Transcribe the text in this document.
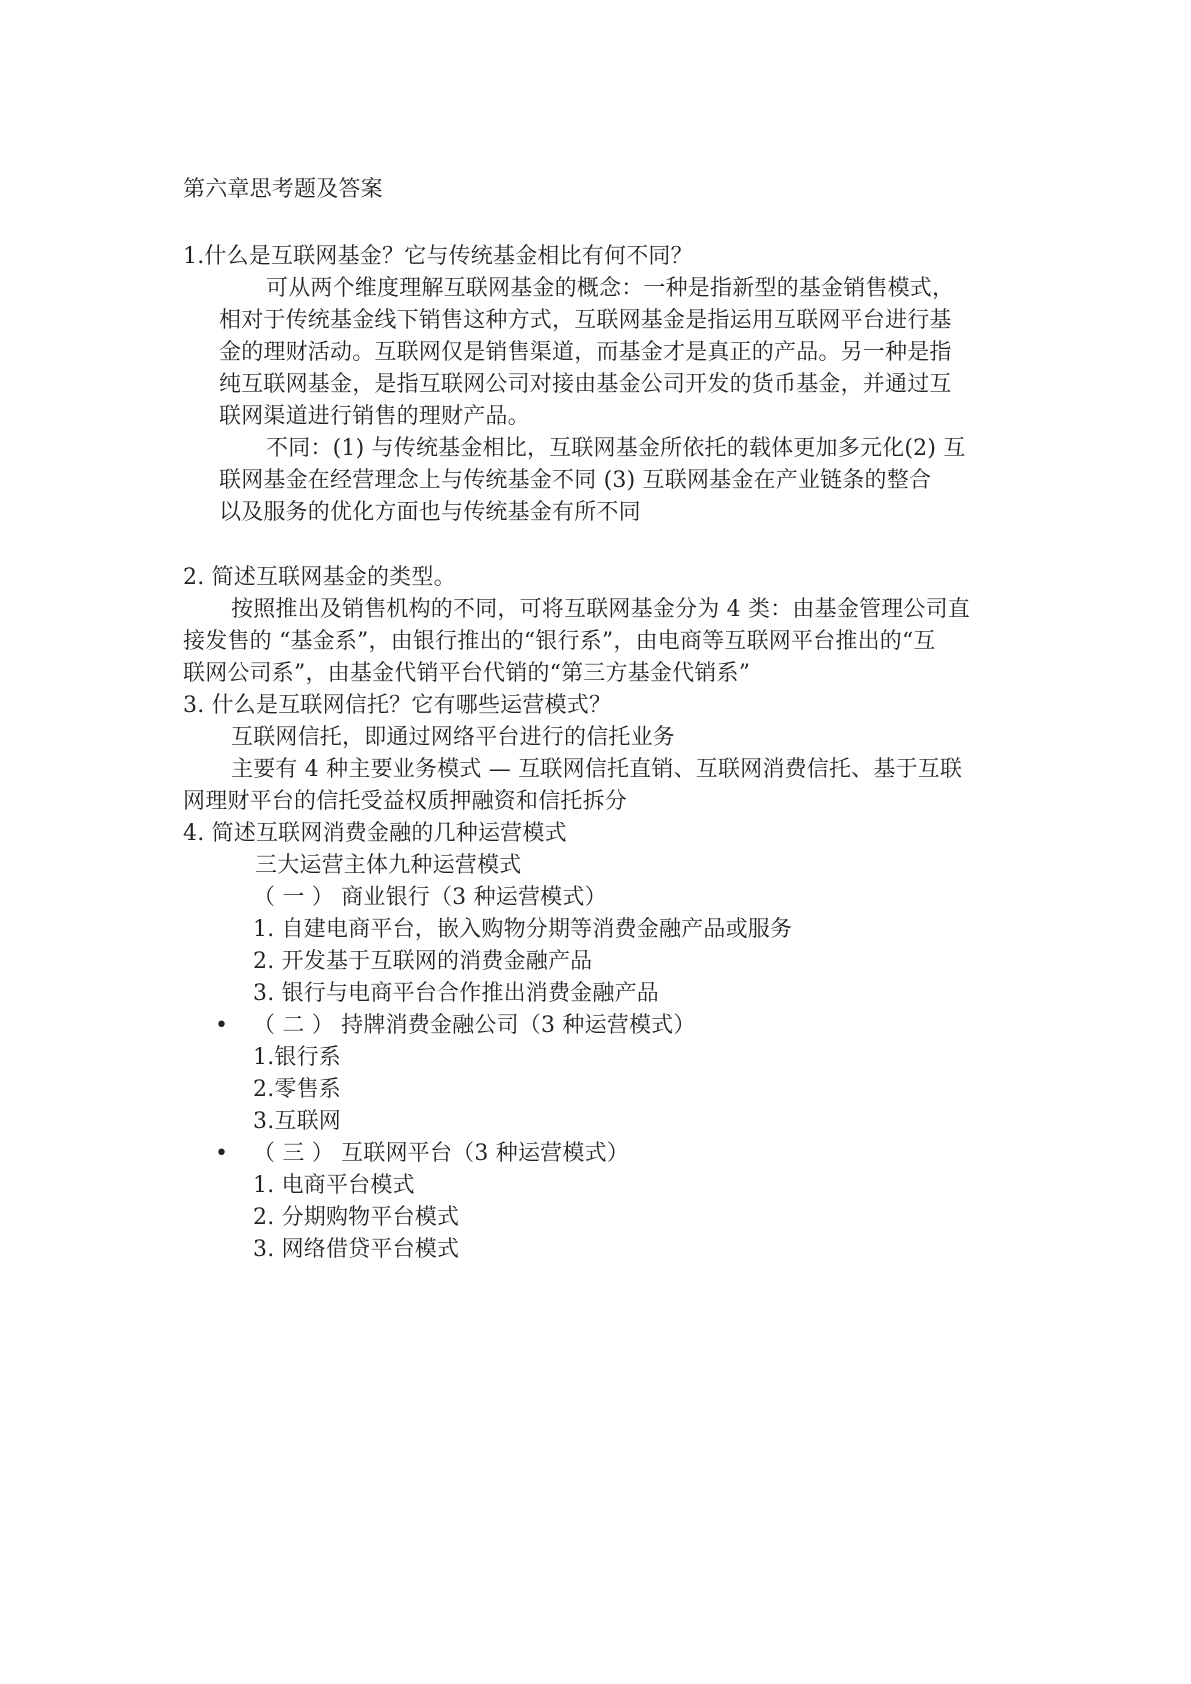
第六章思考题及答案
1.什么是互联网基金？它与传统基金相比有何不同？
可从两个维度理解互联网基金的概念：一种是指新型的基金销售模式，
相对于传统基金线下销售这种方式，互联网基金是指运用互联网平台进行基
金的理财活动。互联网仅是销售渠道，而基金才是真正的产品。另一种是指
纯互联网基金，是指互联网公司对接由基金公司开发的货币基金，并通过互
联网渠道进行销售的理财产品。
不同：(1) 与传统基金相比，互联网基金所依托的载体更加多元化(2) 互
联网基金在经营理念上与传统基金不同 (3) 互联网基金在产业链条的整合
以及服务的优化方面也与传统基金有所不同
2. 简述互联网基金的类型。
按照推出及销售机构的不同，可将互联网基金分为 4 类：由基金管理公司直
接发售的 “基金系”，由银行推出的“银行系”，由电商等互联网平台推出的“互
联网公司系”，由基金代销平台代销的“第三方基金代销系”
3. 什么是互联网信托？它有哪些运营模式？
互联网信托，即通过网络平台进行的信托业务
主要有 4 种主要业务模式 — 互联网信托直销、互联网消费信托、基于互联
网理财平台的信托受益权质押融资和信托拆分
4. 简述互联网消费金融的几种运营模式
三大运营主体九种运营模式
（ 一 ） 商业银行（3 种运营模式）
1. 自建电商平台，嵌入购物分期等消费金融产品或服务
2. 开发基于互联网的消费金融产品
3. 银行与电商平台合作推出消费金融产品
• （ 二 ） 持牌消费金融公司（3 种运营模式）
1.银行系
2.零售系
3.互联网
• （ 三 ） 互联网平台（3 种运营模式）
1. 电商平台模式
2. 分期购物平台模式
3. 网络借贷平台模式
